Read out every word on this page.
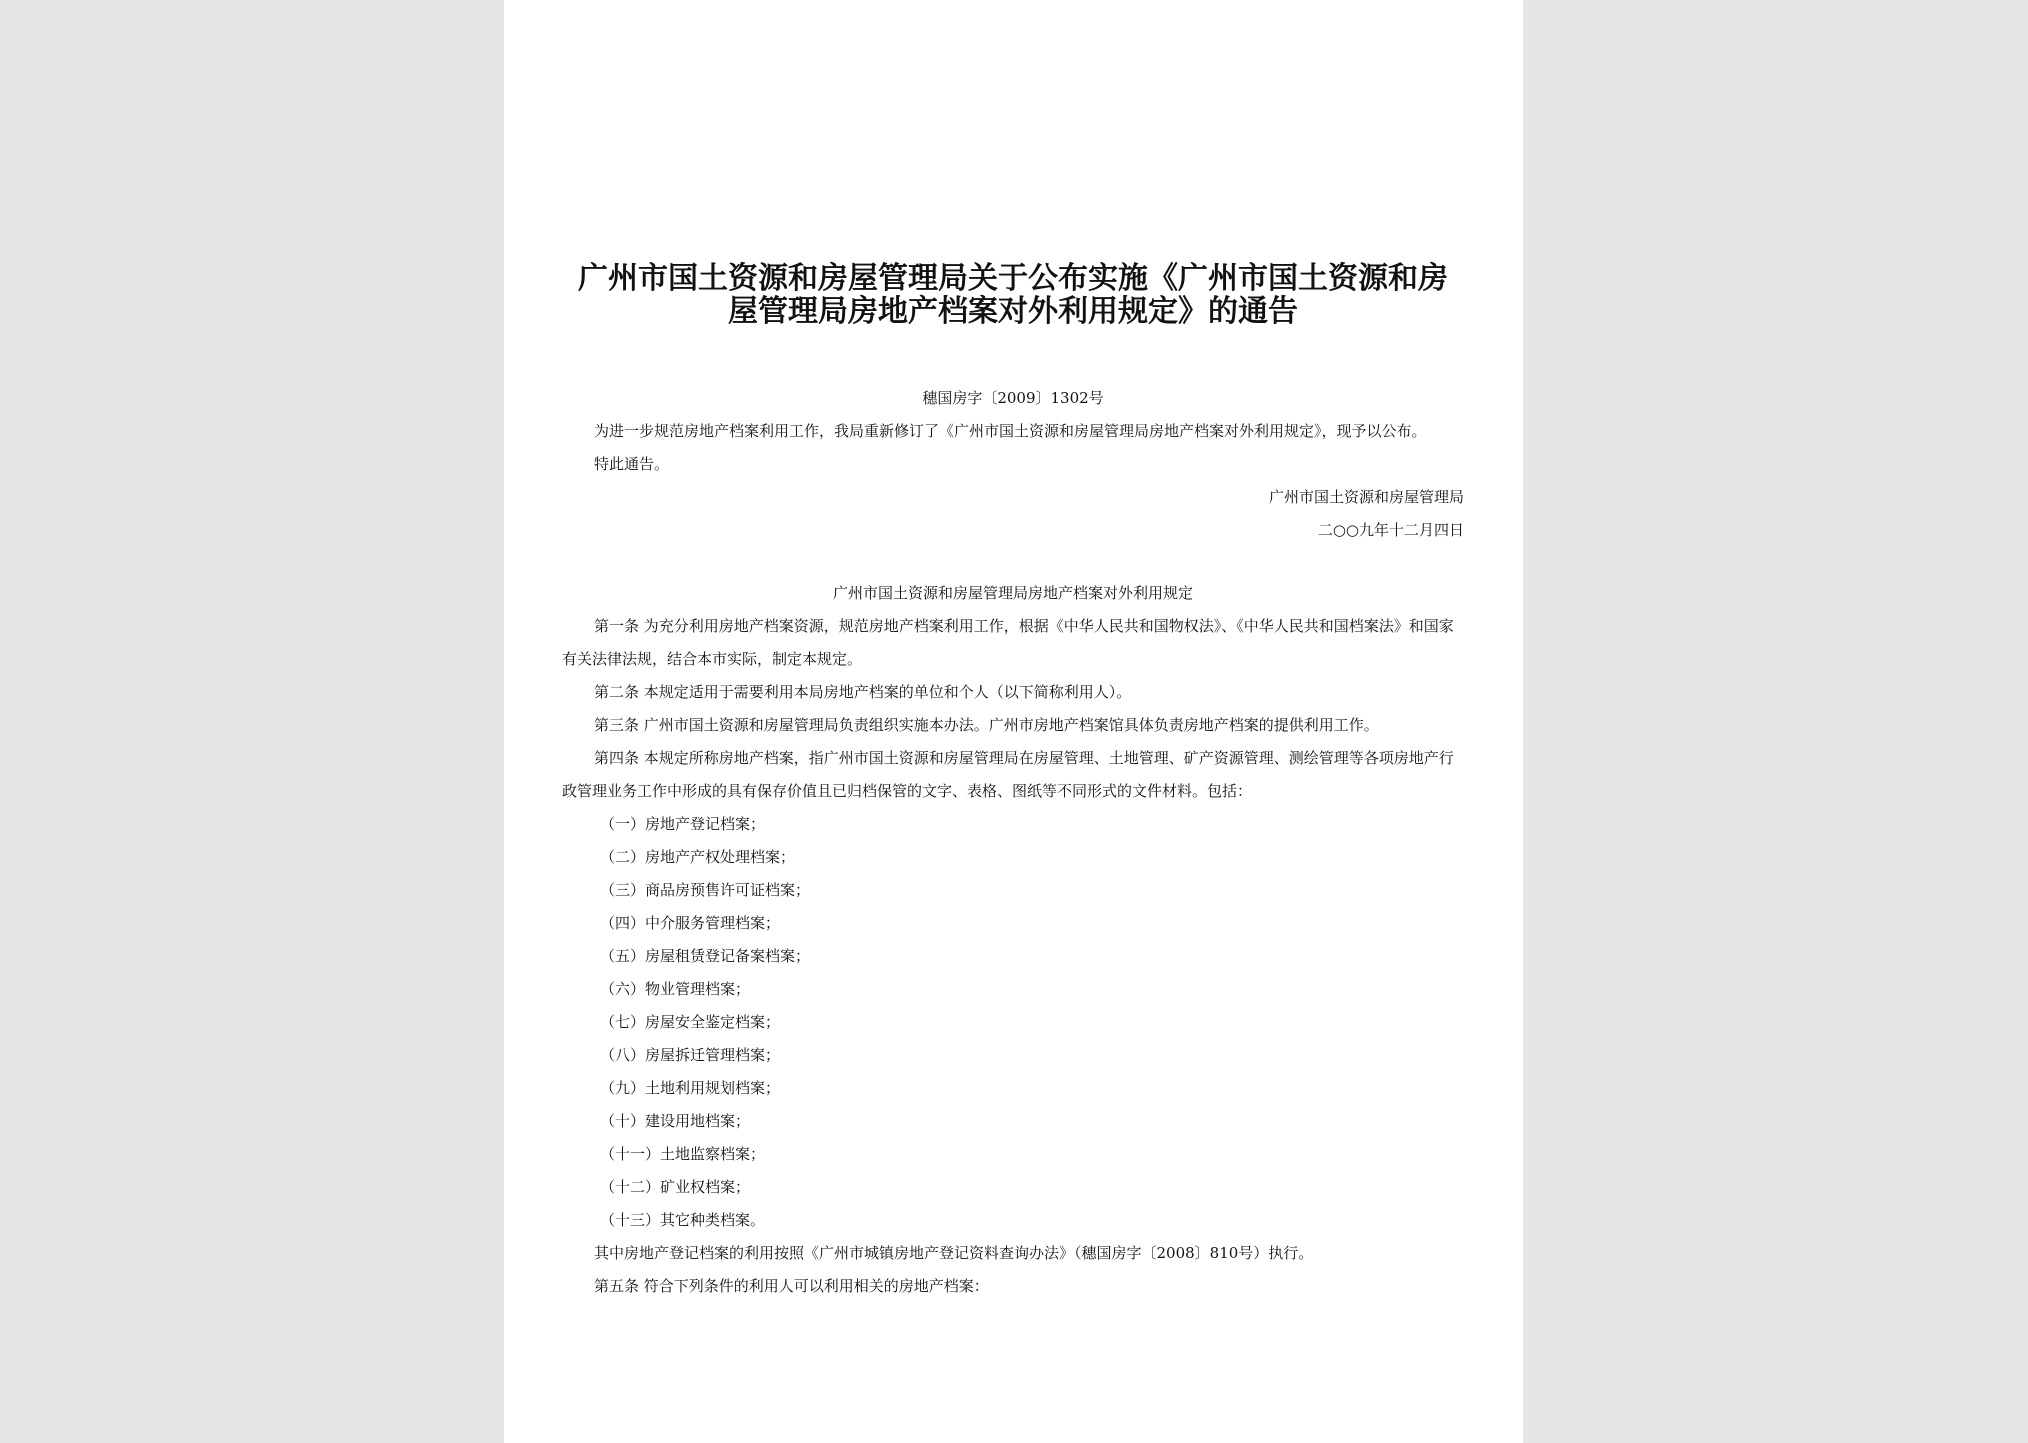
广州市国土资源和房屋管理局关于公布实施《广州市国土资源和房屋管理局房地产档案对外利用规定》的通告

穗国房字〔2009〕1302号

为进一步规范房地产档案利用工作，我局重新修订了《广州市国土资源和房屋管理局房地产档案对外利用规定》，现予以公布。

特此通告。

广州市国土资源和房屋管理局

二○○九年十二月四日

广州市国土资源和房屋管理局房地产档案对外利用规定

第一条 为充分利用房地产档案资源，规范房地产档案利用工作，根据《中华人民共和国物权法》、《中华人民共和国档案法》和国家有关法律法规，结合本市实际，制定本规定。

第二条 本规定适用于需要利用本局房地产档案的单位和个人（以下简称利用人）。

第三条 广州市国土资源和房屋管理局负责组织实施本办法。广州市房地产档案馆具体负责房地产档案的提供利用工作。

第四条 本规定所称房地产档案，指广州市国土资源和房屋管理局在房屋管理、土地管理、矿产资源管理、测绘管理等各项房地产行政管理业务工作中形成的具有保存价值且已归档保管的文字、表格、图纸等不同形式的文件材料。包括：

（一）房地产登记档案；

（二）房地产产权处理档案；

（三）商品房预售许可证档案；

（四）中介服务管理档案；

（五）房屋租赁登记备案档案；

（六）物业管理档案；

（七）房屋安全鉴定档案；

（八）房屋拆迁管理档案；

（九）土地利用规划档案；

（十）建设用地档案；

（十一）土地监察档案；

（十二）矿业权档案；

（十三）其它种类档案。

其中房地产登记档案的利用按照《广州市城镇房地产登记资料查询办法》（穗国房字〔2008〕810号）执行。

第五条 符合下列条件的利用人可以利用相关的房地产档案：
